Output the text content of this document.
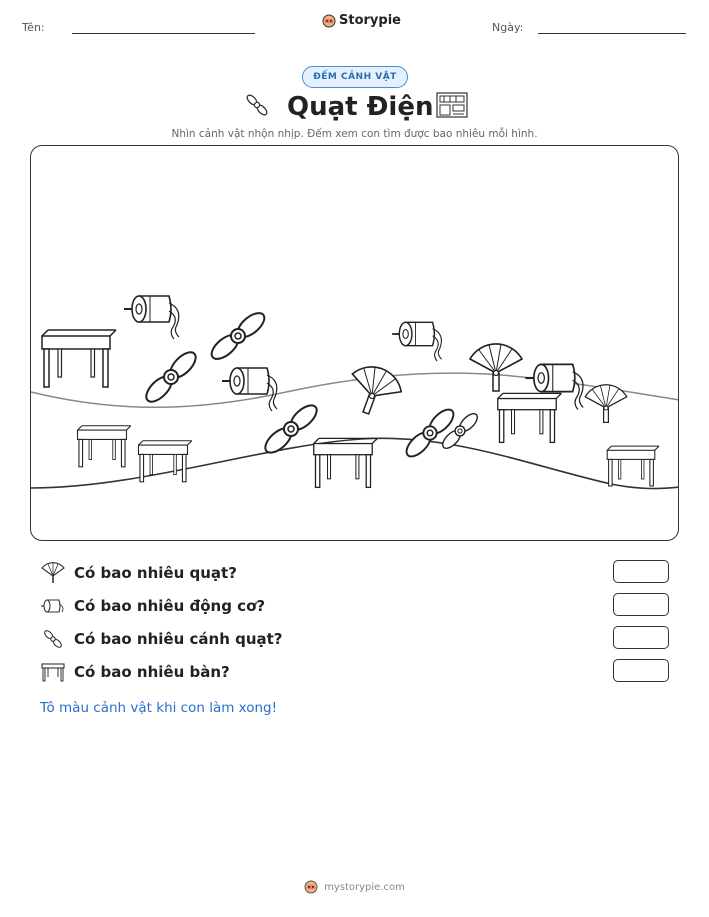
Tên:	Storypie	Ngày:
ĐẾM CẢNH VẬT
Quạt Điện
Nhìn cảnh vật nhộn nhịp. Đếm xem con tìm được bao nhiêu mỗi hình.
Có bao nhiêu quạt?
Có bao nhiêu động cơ?
Có bao nhiêu cánh quạt?
Có bao nhiêu bàn?
Tô màu cảnh vật khi con làm xong!
mystorypie.com
